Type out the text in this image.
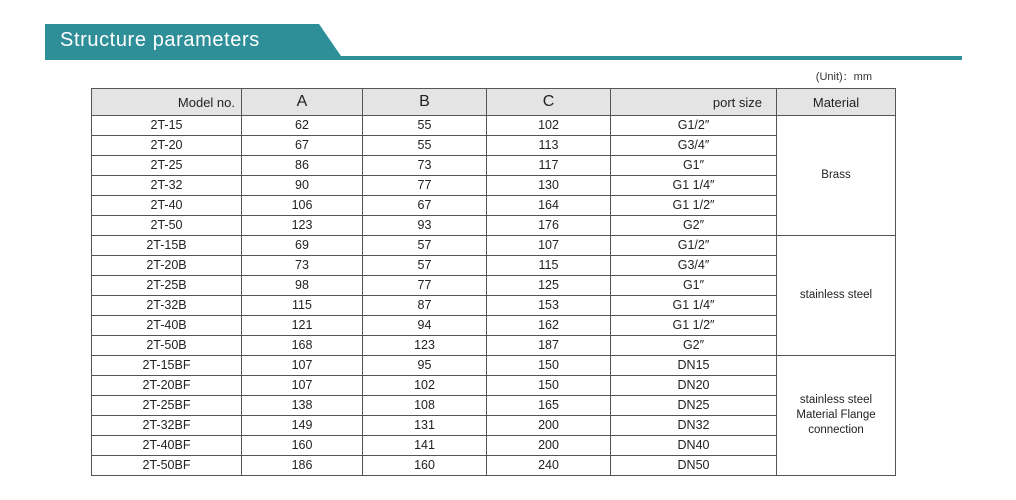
Structure parameters
(Unit)：mm
Model no.	A	B	C	port size	Material
2T-15	62	55	102	G1/2″	Brass
2T-20	67	55	113	G3/4″	
2T-25	86	73	117	G1″	
2T-32	90	77	130	G1 1/4″	
2T-40	106	67	164	G1 1/2″	
2T-50	123	93	176	G2″	
2T-15B	69	57	107	G1/2″	stainless steel
2T-20B	73	57	115	G3/4″	
2T-25B	98	77	125	G1″	
2T-32B	115	87	153	G1 1/4″	
2T-40B	121	94	162	G1 1/2″	
2T-50B	168	123	187	G2″	
2T-15BF	107	95	150	DN15	stainless steel
Material Flange
connection
2T-20BF	107	102	150	DN20	
2T-25BF	138	108	165	DN25	
2T-32BF	149	131	200	DN32	
2T-40BF	160	141	200	DN40	
2T-50BF	186	160	240	DN50	
